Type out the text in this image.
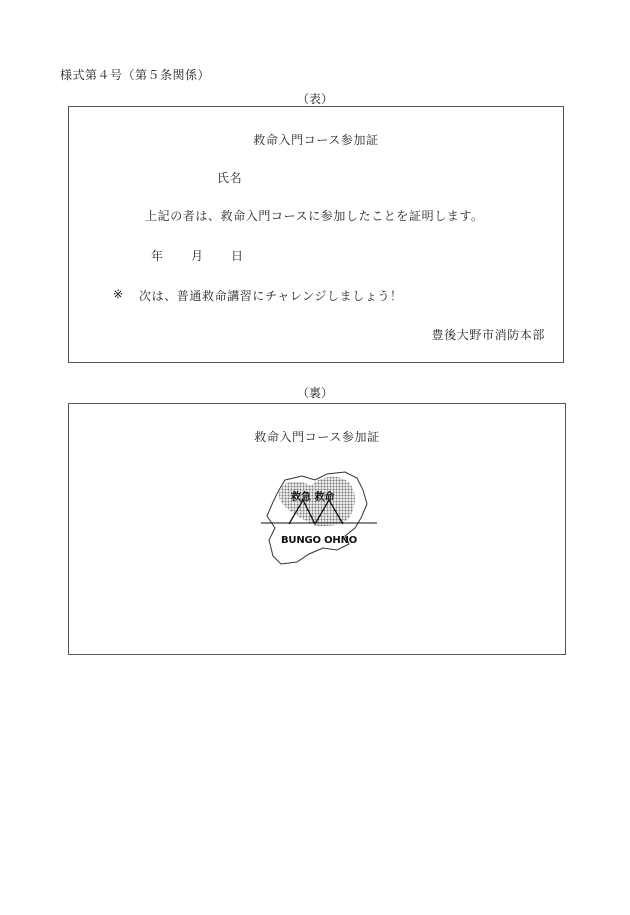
様式第４号（第５条関係）
（表）
救命入門コース参加証
氏名
上記の者は、救命入門コースに参加したことを証明します。
年 月 日
※ 次は、普通救命講習にチャレンジしましょう！
豊後大野市消防本部
（裏）
救命入門コース参加証
救急 救命
BUNGO OHNO
